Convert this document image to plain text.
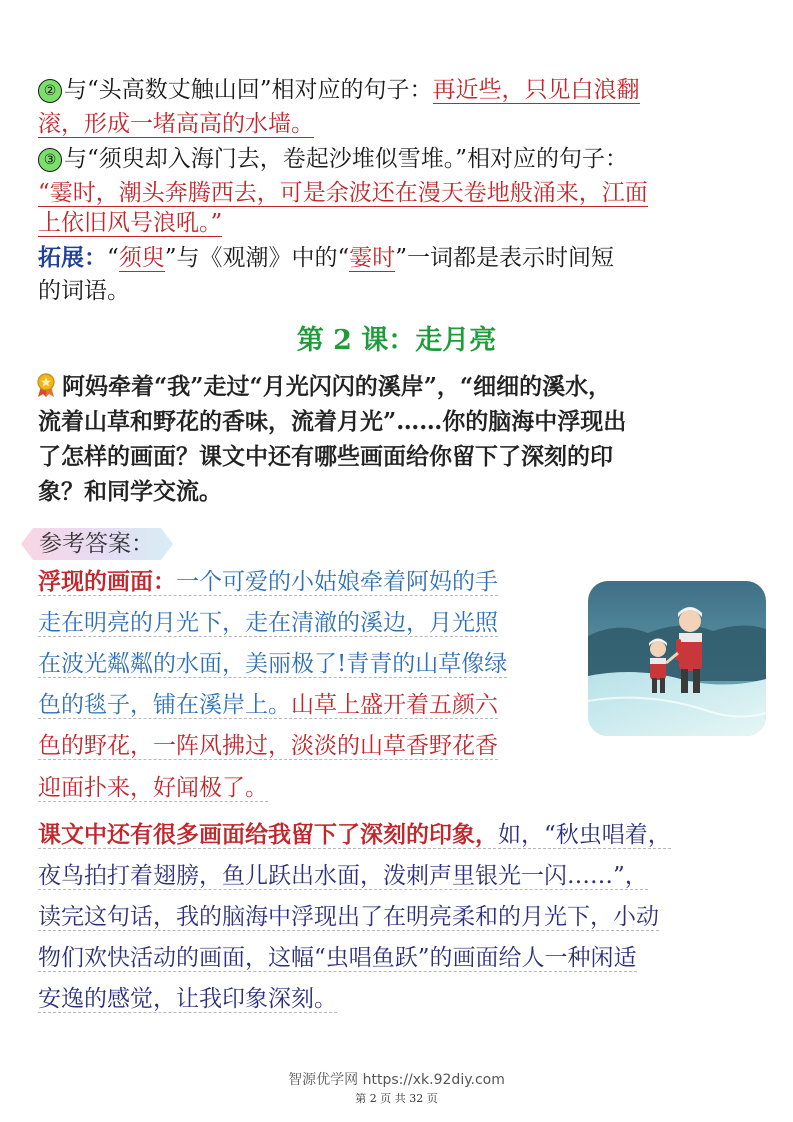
② 与“头高数丈触山回”相对应的句子：再近些，只见白浪翻
滚，形成一堵高高的水墙。
③ 与“须臾却入海门去，卷起沙堆似雪堆。”相对应的句子：
“霎时，潮头奔腾西去，可是余波还在漫天卷地般涌来，江面
上依旧风号浪吼。”
拓展：“须臾”与《观潮》中的“霎时”一词都是表示时间短
的词语。
第 2 课：走月亮
阿妈牵着“我”走过“月光闪闪的溪岸”，“细细的溪水，
流着山草和野花的香味，流着月光”……你的脑海中浮现出
了怎样的画面？课文中还有哪些画面给你留下了深刻的印
象？和同学交流。
参考答案：
浮现的画面：一个可爱的小姑娘牵着阿妈的手
走在明亮的月光下，走在清澈的溪边，月光照
在波光粼粼的水面，美丽极了!青青的山草像绿
色的毯子，铺在溪岸上。山草上盛开着五颜六
色的野花，一阵风拂过，淡淡的山草香野花香
迎面扑来，好闻极了。
课文中还有很多画面给我留下了深刻的印象，如，“秋虫唱着，
夜鸟拍打着翅膀，鱼儿跃出水面，泼刺声里银光一闪……”，
读完这句话，我的脑海中浮现出了在明亮柔和的月光下，小动
物们欢快活动的画面，这幅“虫唱鱼跃”的画面给人一种闲适
安逸的感觉，让我印象深刻。
智源优学网 https://xk.92diy.com
第 2 页 共 32 页
